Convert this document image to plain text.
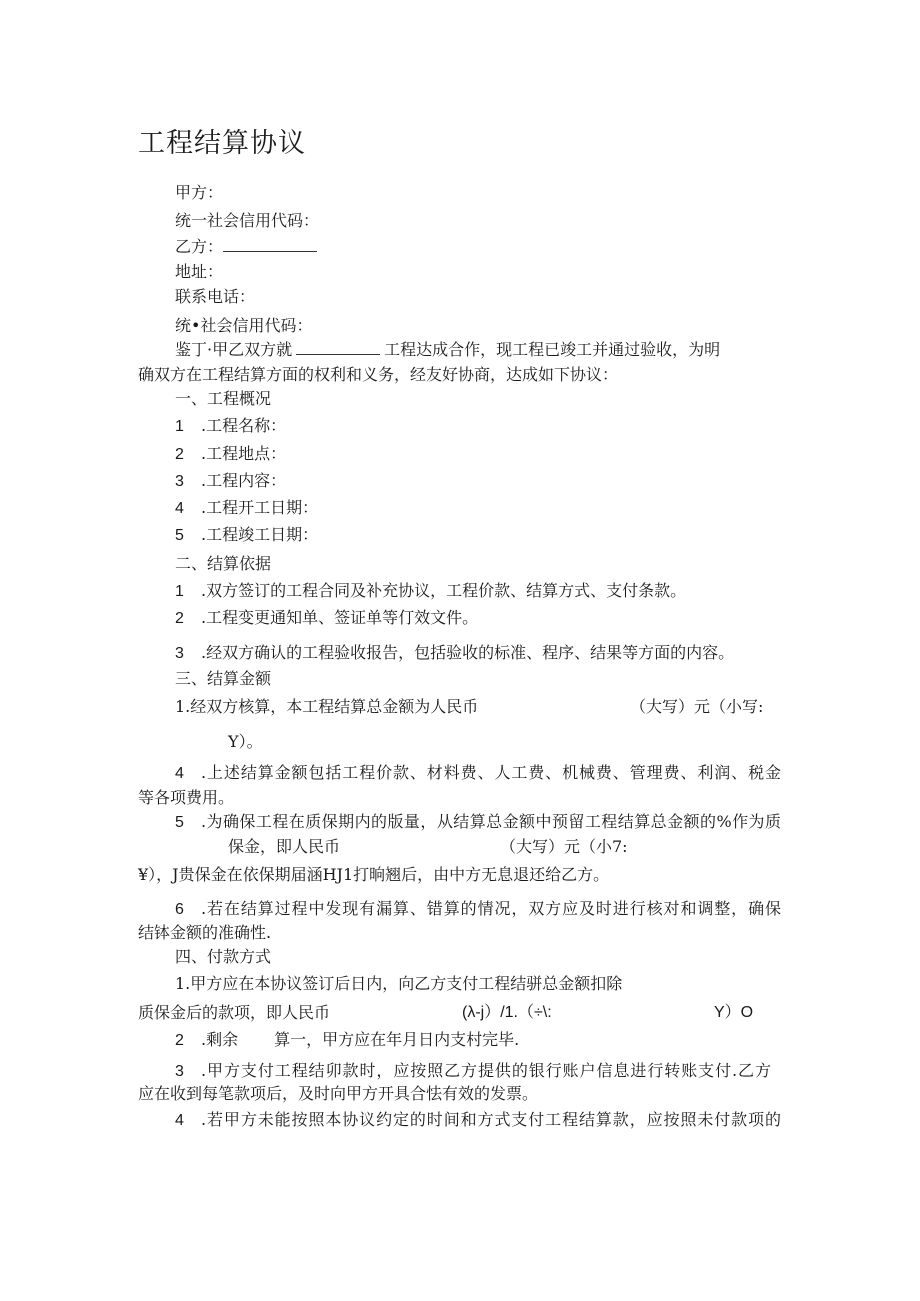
工程结算协议
甲方：
统一社会信用代码：
乙方：
地址：
联系电话：
统•社会信用代码：
鉴丁·甲乙双方就	工程达成合作，现工程已竣工并通过验收，为明
确双方在工程结算方面的权利和义务，经友好协商，达成如下协议：
一、工程概况
1 .工程名称：
2 .工程地点：
3 .工程内容：
4 .工程开工日期：
5 .工程竣工日期：
二、结算依据
1 .双方签订的工程合同及补充协议，工程价款、结算方式、支付条款。
2 .工程变更通知单、签证单等仃效文件。
3 .经双方确认的工程验收报告，包括验收的标准、程序、结果等方面的内容。
三、结算金额
1.经双方核算，本工程结算总金额为人民币	（大写）元（小写:
Y）。
4 .上述结算金额包括工程价款、材料费、人工费、机械费、管理费、利润、税金
等各项费用。
5 .为确保工程在质保期内的版量，从结算总金额中预留工程结算总金额的%作为质
保金，即人民币	（大写）元（小7:
¥），J贵保金在依保期届涵HJ1打晌翘后，由中方无息退还给乙方。
6 .若在结算过程中发现有漏算、错算的情况，双方应及时进行核对和调整，确保
结钵金额的准确性.
四、付款方式
1.甲方应在本协议签订后日内，向乙方支付工程结骈总金额扣除
质保金后的款项，即人民币	(λ-j）/1.（÷\:	Y）O
2 .剩余 算一，甲方应在年月日内支村完毕.
3 .甲方支付工程结卯款时，应按照乙方提供的银行账户信息进行转账支付.乙方
应在收到每笔款项后，及时向甲方开具合怯有效的发票。
4 .若甲方未能按照本协议约定的时间和方式支付工程结算款，应按照未付款项的
